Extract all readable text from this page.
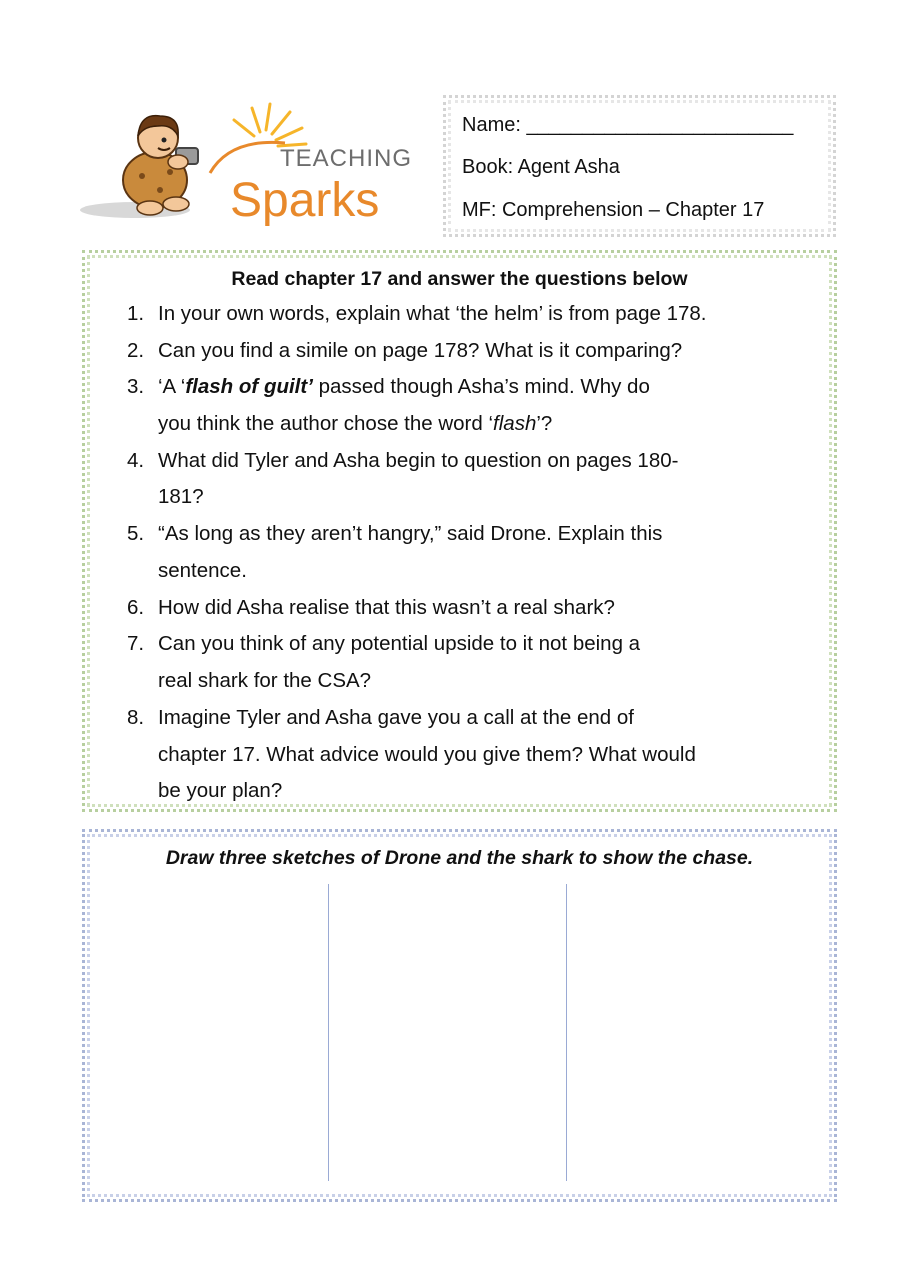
TEACHING
Sparks
Name: ________________________
Book: Agent Asha
MF: Comprehension – Chapter 17
Read chapter 17 and answer the questions below
1. In your own words, explain what ‘the helm’ is from page 178.
2. Can you find a simile on page 178? What is it comparing?
3. ‘A ‘flash of guilt’ passed though Asha’s mind. Why do
you think the author chose the word ‘flash’?
4. What did Tyler and Asha begin to question on pages 180-
181?
5. “As long as they aren’t hangry,” said Drone. Explain this
sentence.
6. How did Asha realise that this wasn’t a real shark?
7. Can you think of any potential upside to it not being a
real shark for the CSA?
8. Imagine Tyler and Asha gave you a call at the end of
chapter 17. What advice would you give them? What would
be your plan?
Draw three sketches of Drone and the shark to show the chase.
